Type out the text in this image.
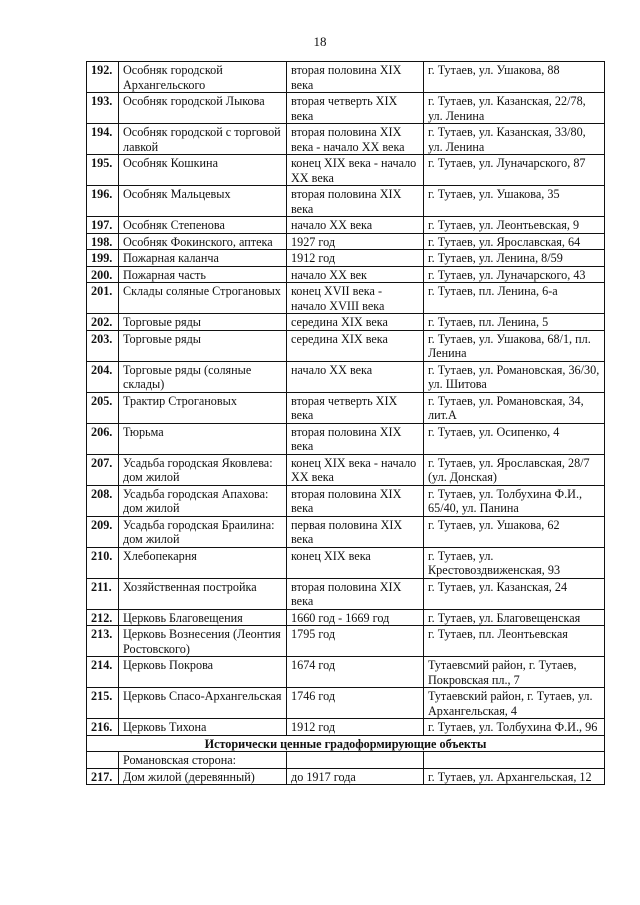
18
192.	Особняк городской Архангельского	вторая половина XIX века	г. Тутаев, ул. Ушакова, 88
193.	Особняк городской Лыкова	вторая четверть XIX века	г. Тутаев, ул. Казанская, 22/78, ул. Ленина
194.	Особняк городской с торговой лавкой	вторая половина XIX века - начало XX века	г. Тутаев, ул. Казанская, 33/80, ул. Ленина
195.	Особняк Кошкина	конец XIX века - начало XX века	г. Тутаев, ул. Луначарского, 87
196.	Особняк Мальцевых	вторая половина XIX века	г. Тутаев, ул. Ушакова, 35
197.	Особняк Степенова	начало XX века	г. Тутаев, ул. Леонтьевская, 9
198.	Особняк Фокинского, аптека	1927 год	г. Тутаев, ул. Ярославская, 64
199.	Пожарная каланча	1912 год	г. Тутаев, ул. Ленина, 8/59
200.	Пожарная часть	начало XX век	г. Тутаев, ул. Луначарского, 43
201.	Склады соляные Строгановых	конец XVII века - начало XVIII века	г. Тутаев, пл. Ленина, 6-а
202.	Торговые ряды	середина XIX века	г. Тутаев, пл. Ленина, 5
203.	Торговые ряды	середина XIX века	г. Тутаев, ул. Ушакова, 68/1, пл. Ленина
204.	Торговые ряды (соляные склады)	начало XX века	г. Тутаев, ул. Романовская, 36/30, ул. Шитова
205.	Трактир Строгановых	вторая четверть XIX века	г. Тутаев, ул. Романовская, 34, лит.А
206.	Тюрьма	вторая половина XIX века	г. Тутаев, ул. Осипенко, 4
207.	Усадьба городская Яковлева: дом жилой	конец XIX века - начало XX века	г. Тутаев, ул. Ярославская, 28/7 (ул. Донская)
208.	Усадьба городская Апахова: дом жилой	вторая половина XIX века	г. Тутаев, ул. Толбухина Ф.И., 65/40, ул. Панина
209.	Усадьба городская Браилина: дом жилой	первая половина XIX века	г. Тутаев, ул. Ушакова, 62
210.	Хлебопекарня	конец XIX века	г. Тутаев, ул. Крестовоздвиженская, 93
211.	Хозяйственная постройка	вторая половина XIX века	г. Тутаев, ул. Казанская, 24
212.	Церковь Благовещения	1660 год - 1669 год	г. Тутаев, ул. Благовещенская
213.	Церковь Вознесения (Леонтия Ростовского)	1795 год	г. Тутаев, пл. Леонтьевская
214.	Церковь Покрова	1674 год	Тутаевсмий район, г. Тутаев, Покровская пл., 7
215.	Церковь Спасо-Архангельская	1746 год	Тутаевский район, г. Тутаев, ул. Архангельская, 4
216.	Церковь Тихона	1912 год	г. Тутаев, ул. Толбухина Ф.И., 96
Исторически ценные градоформирующие объекты			
	Романовская сторона:		
217.	Дом жилой (деревянный)	до 1917 года	г. Тутаев, ул. Архангельская, 12
